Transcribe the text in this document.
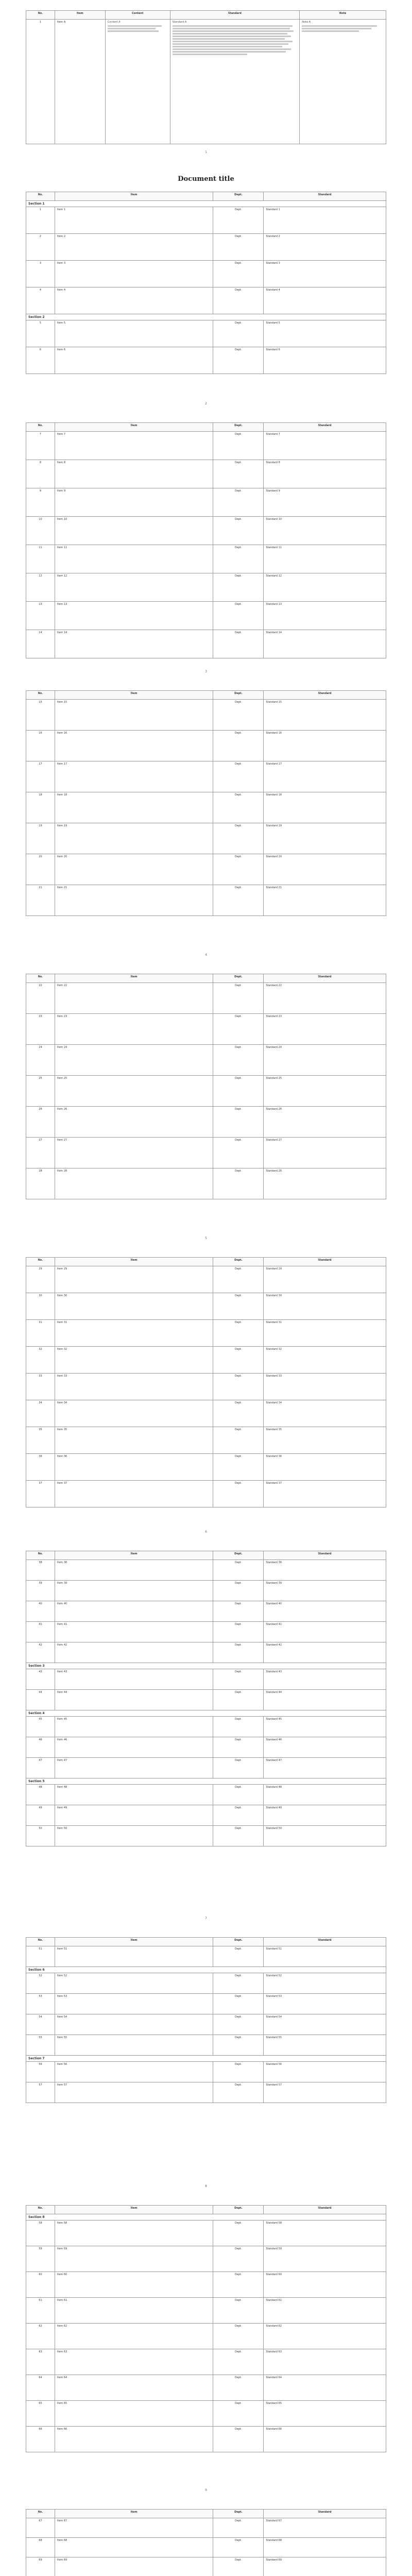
No.	Item	Content	Standard	Note
1	Item A	Content A	Standard A	Note A
1
Document title
No.	Item	Dept.	Standard
Section 1			
1	Item 1	Dept.	Standard 1
2	Item 2	Dept.	Standard 2
3	Item 3	Dept.	Standard 3
4	Item 4	Dept.	Standard 4
Section 2			
5	Item 5	Dept.	Standard 5
6	Item 6	Dept.	Standard 6
2
No.	Item	Dept.	Standard
7	Item 7	Dept.	Standard 7
8	Item 8	Dept.	Standard 8
9	Item 9	Dept.	Standard 9
10	Item 10	Dept.	Standard 10
11	Item 11	Dept.	Standard 11
12	Item 12	Dept.	Standard 12
13	Item 13	Dept.	Standard 13
14	Item 14	Dept.	Standard 14
3
No.	Item	Dept.	Standard
15	Item 15	Dept.	Standard 15
16	Item 16	Dept.	Standard 16
17	Item 17	Dept.	Standard 17
18	Item 18	Dept.	Standard 18
19	Item 19	Dept.	Standard 19
20	Item 20	Dept.	Standard 20
21	Item 21	Dept.	Standard 21
4
No.	Item	Dept.	Standard
22	Item 22	Dept.	Standard 22
23	Item 23	Dept.	Standard 23
24	Item 24	Dept.	Standard 24
25	Item 25	Dept.	Standard 25
26	Item 26	Dept.	Standard 26
27	Item 27	Dept.	Standard 27
28	Item 28	Dept.	Standard 28
5
No.	Item	Dept.	Standard
29	Item 29	Dept.	Standard 29
30	Item 30	Dept.	Standard 30
31	Item 31	Dept.	Standard 31
32	Item 32	Dept.	Standard 32
33	Item 33	Dept.	Standard 33
34	Item 34	Dept.	Standard 34
35	Item 35	Dept.	Standard 35
36	Item 36	Dept.	Standard 36
37	Item 37	Dept.	Standard 37
6
No.	Item	Dept.	Standard
38	Item 38	Dept.	Standard 38
39	Item 39	Dept.	Standard 39
40	Item 40	Dept.	Standard 40
41	Item 41	Dept.	Standard 41
42	Item 42	Dept.	Standard 42
Section 3			
43	Item 43	Dept.	Standard 43
44	Item 44	Dept.	Standard 44
Section 4			
45	Item 45	Dept.	Standard 45
46	Item 46	Dept.	Standard 46
47	Item 47	Dept.	Standard 47
Section 5			
48	Item 48	Dept.	Standard 48
49	Item 49	Dept.	Standard 49
50	Item 50	Dept.	Standard 50
7
No.	Item	Dept.	Standard
51	Item 51	Dept.	Standard 51
Section 6			
52	Item 52	Dept.	Standard 52
53	Item 53	Dept.	Standard 53
54	Item 54	Dept.	Standard 54
55	Item 55	Dept.	Standard 55
Section 7			
56	Item 56	Dept.	Standard 56
57	Item 57	Dept.	Standard 57
8
No.	Item	Dept.	Standard
Section 8			
58	Item 58	Dept.	Standard 58
59	Item 59	Dept.	Standard 59
60	Item 60	Dept.	Standard 60
61	Item 61	Dept.	Standard 61
62	Item 62	Dept.	Standard 62
63	Item 63	Dept.	Standard 63
64	Item 64	Dept.	Standard 64
65	Item 65	Dept.	Standard 65
66	Item 66	Dept.	Standard 66
9
No.	Item	Dept.	Standard
67	Item 67	Dept.	Standard 67
68	Item 68	Dept.	Standard 68
69	Item 69	Dept.	Standard 69
